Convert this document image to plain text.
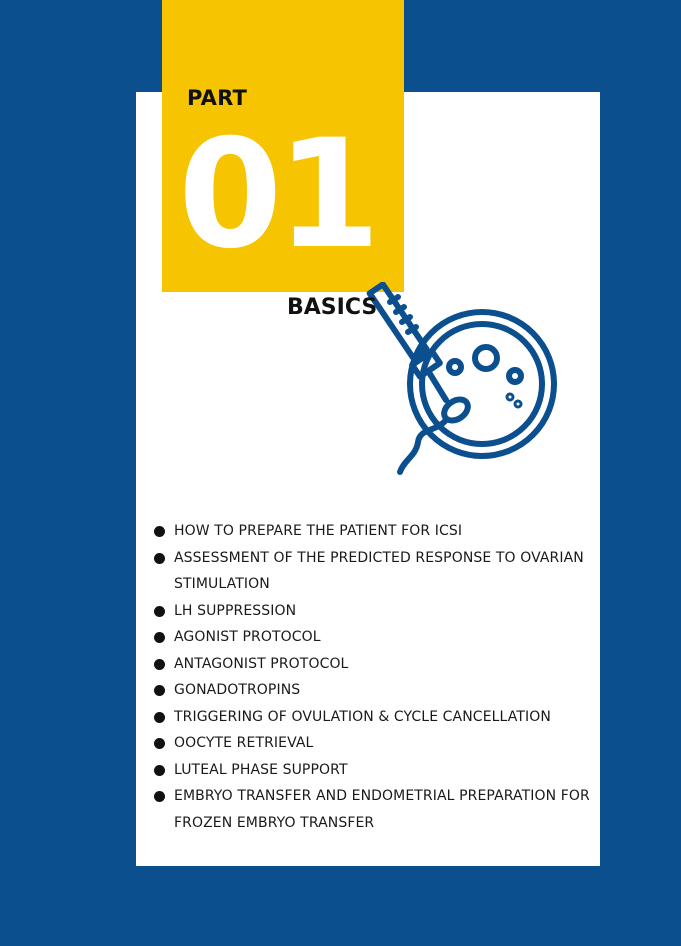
PART
01
BASICS
HOW TO PREPARE THE PATIENT FOR ICSI
ASSESSMENT OF THE PREDICTED RESPONSE TO OVARIAN STIMULATION
LH SUPPRESSION
AGONIST PROTOCOL
ANTAGONIST PROTOCOL
GONADOTROPINS
TRIGGERING OF OVULATION & CYCLE CANCELLATION
OOCYTE RETRIEVAL
LUTEAL PHASE SUPPORT
EMBRYO TRANSFER AND ENDOMETRIAL PREPARATION FOR FROZEN EMBRYO TRANSFER
